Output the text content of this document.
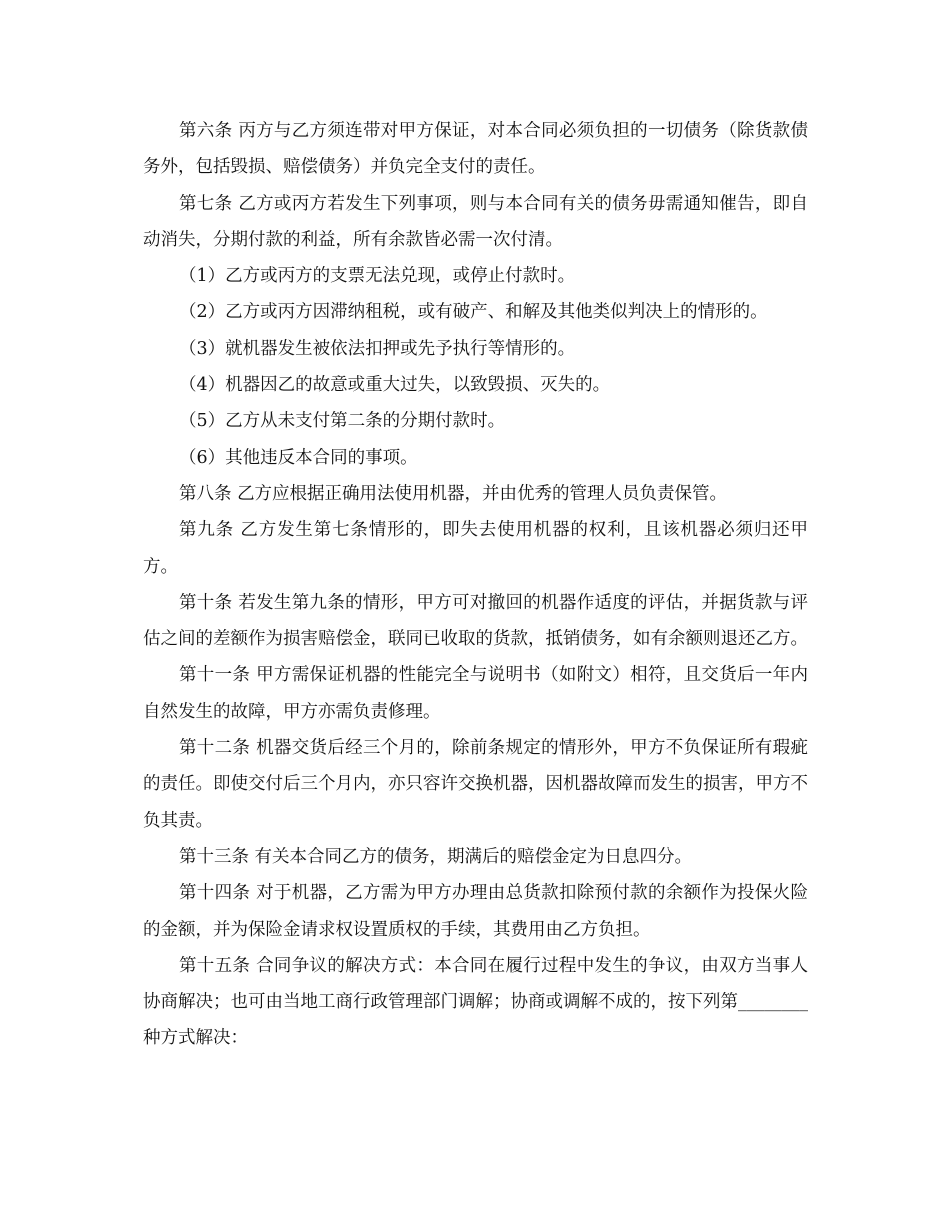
第六条 丙方与乙方须连带对甲方保证，对本合同必须负担的一切债务（除货款债务外，包括毁损、赔偿债务）并负完全支付的责任。

第七条 乙方或丙方若发生下列事项，则与本合同有关的债务毋需通知催告，即自动消失，分期付款的利益，所有余款皆必需一次付清。

（1）乙方或丙方的支票无法兑现，或停止付款时。

（2）乙方或丙方因滞纳租税，或有破产、和解及其他类似判决上的情形的。

（3）就机器发生被依法扣押或先予执行等情形的。

（4）机器因乙的故意或重大过失，以致毁损、灭失的。

（5）乙方从未支付第二条的分期付款时。

（6）其他违反本合同的事项。

第八条 乙方应根据正确用法使用机器，并由优秀的管理人员负责保管。

第九条 乙方发生第七条情形的，即失去使用机器的权利，且该机器必须归还甲方。

第十条 若发生第九条的情形，甲方可对撤回的机器作适度的评估，并据货款与评估之间的差额作为损害赔偿金，联同已收取的货款，抵销债务，如有余额则退还乙方。

第十一条 甲方需保证机器的性能完全与说明书（如附文）相符，且交货后一年内自然发生的故障，甲方亦需负责修理。

第十二条 机器交货后经三个月的，除前条规定的情形外，甲方不负保证所有瑕疵的责任。即使交付后三个月内，亦只容许交换机器，因机器故障而发生的损害，甲方不负其责。

第十三条 有关本合同乙方的债务，期满后的赔偿金定为日息四分。

第十四条 对于机器，乙方需为甲方办理由总货款扣除预付款的余额作为投保火险的金额，并为保险金请求权设置质权的手续，其费用由乙方负担。

第十五条 合同争议的解决方式：本合同在履行过程中发生的争议，由双方当事人协商解决；也可由当地工商行政管理部门调解；协商或调解不成的，按下列第________种方式解决：
